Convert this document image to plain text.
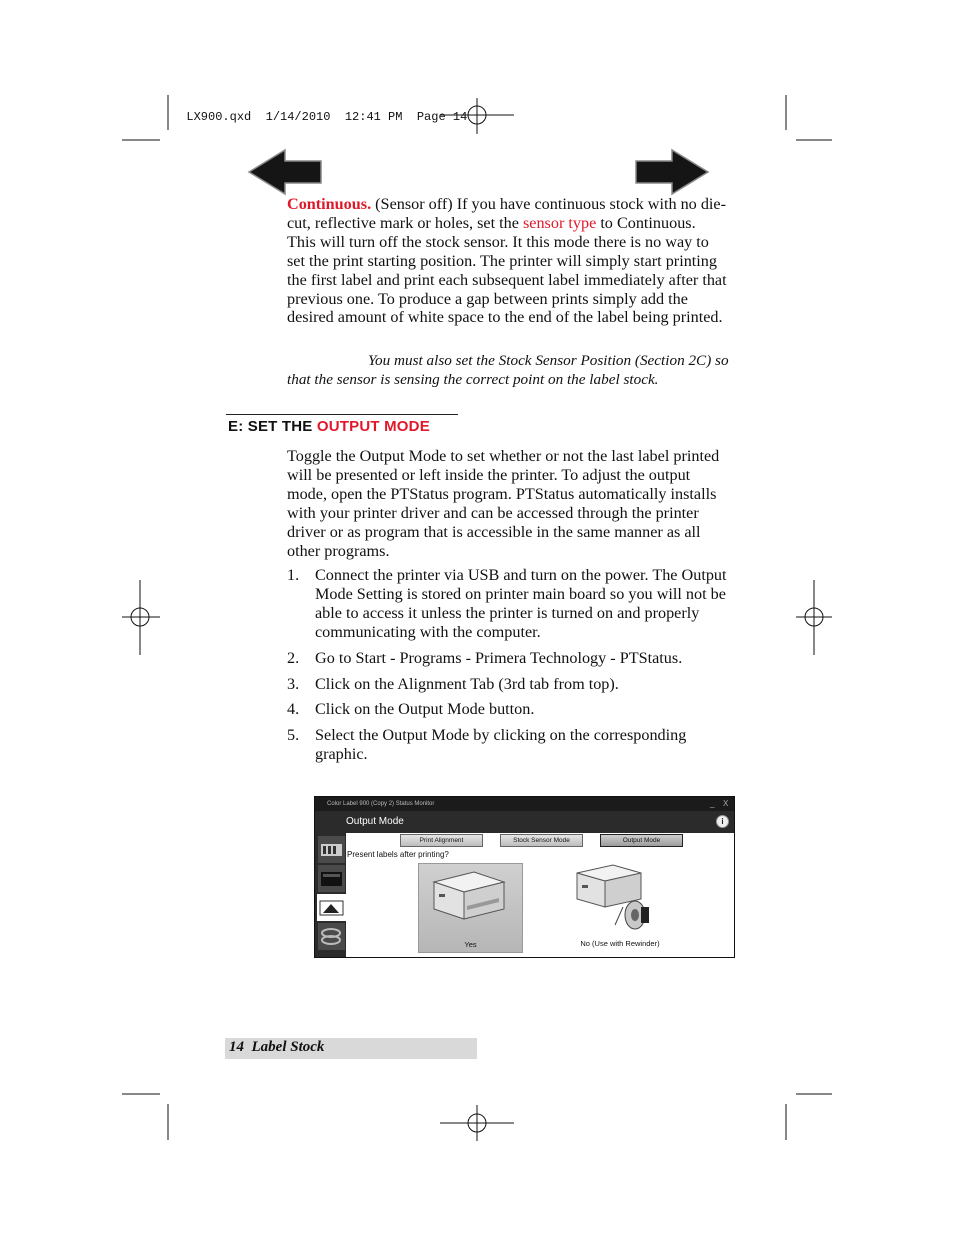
LX900.qxd 1/14/2010 12:41 PM Page 14

Continuous. (Sensor off) If you have continuous stock with no die-cut, reflective mark or holes, set the sensor type to Continuous. This will turn off the stock sensor. It this mode there is no way to set the print starting position. The printer will simply start printing the first label and print each subsequent label immediately after that previous one. To produce a gap between prints simply add the desired amount of white space to the end of the label being printed.
You must also set the Stock Sensor Position (Section 2C) so that the sensor is sensing the correct point on the label stock.
E: SET THE OUTPUT MODE
Toggle the Output Mode to set whether or not the last label printed will be presented or left inside the printer. To adjust the output mode, open the PTStatus program. PTStatus automatically installs with your printer driver and can be accessed through the printer driver or as program that is accessible in the same manner as all other programs.
1. Connect the printer via USB and turn on the power. The Output Mode Setting is stored on printer main board so you will not be able to access it unless the printer is turned on and properly communicating with the computer.
2. Go to Start - Programs - Primera Technology - PTStatus.
3. Click on the Alignment Tab (3rd tab from top).
4. Click on the Output Mode button.
5. Select the Output Mode by clicking on the corresponding graphic.
Color Label 900 (Copy 2) Status Monitor	_ X
Output Mode	i
Print Alignment	Stock Sensor Mode	Output Mode
Present labels after printing?
Yes	No (Use with Rewinder)
14 Label Stock
